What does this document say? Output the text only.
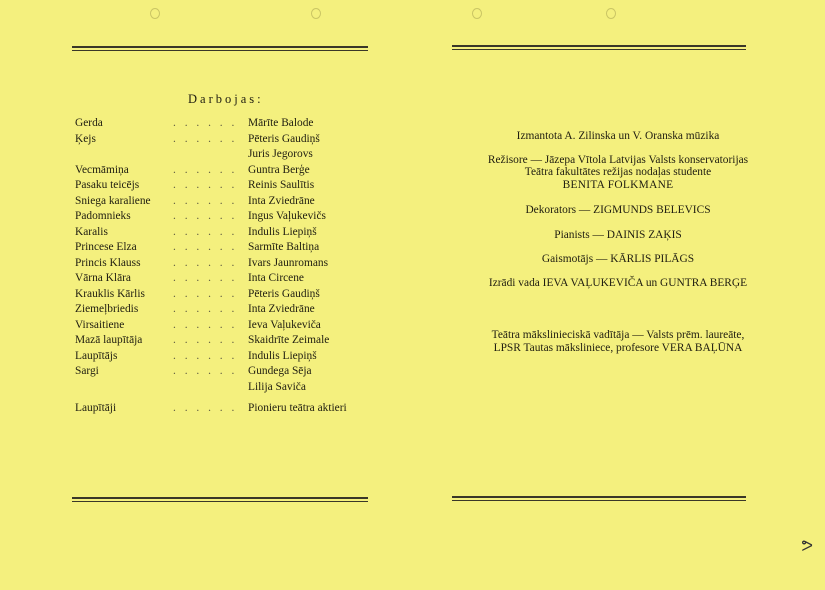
Darbojas:
Gerda	. . . . . . Mārīte Balode
Ķejs	. . . . . . Pēteris Gaudiņš
Juris Jegorovs
Vecmāmiņa	. . . . . . Guntra Berģe
Pasaku teicējs	. . . . . . Reinis Saulītis
Sniega karaliene	. . . . . . Inta Zviedrāne
Padomnieks	. . . . . . Ingus Vaļukevičs
Karalis	. . . . . . Indulis Liepiņš
Princese Elza	. . . . . . Sarmīte Baltiņa
Princis Klauss	. . . . . . Ivars Jaunromans
Vārna Klāra	. . . . . . Inta Circene
Krauklis Kārlis	. . . . . . Pēteris Gaudiņš
Ziemeļbriedis	. . . . . . Inta Zviedrāne
Virsaitiene	. . . . . . Ieva Vaļukeviča
Mazā laupītāja	. . . . . . Skaidrīte Zeimale
Laupītājs	. . . . . . Indulis Liepiņš
Sargi	. . . . . . Gundega Sēja
Lilija Saviča
Laupītāji	. . . . . . Pionieru teātra aktieri
Izmantota A. Zilinska un V. Oranska mūzika
Režisore — Jāzepa Vītola Latvijas Valsts konservatorijas
Teātra fakultātes režijas nodaļas studente
BENITA FOLKMANE
Dekorators — ZIGMUNDS BELEVICS
Pianists — DAINIS ZAĶIS
Gaismotājs — KĀRLIS PILĀGS
Izrādi vada IEVA VAĻUKEVIČA un GUNTRA BERĢE
Teātra mākslinieciskā vadītāja — Valsts prēm. laureāte,
LPSR Tautas māksliniece, profesore VERA BAĻŪNA
ᕗ
